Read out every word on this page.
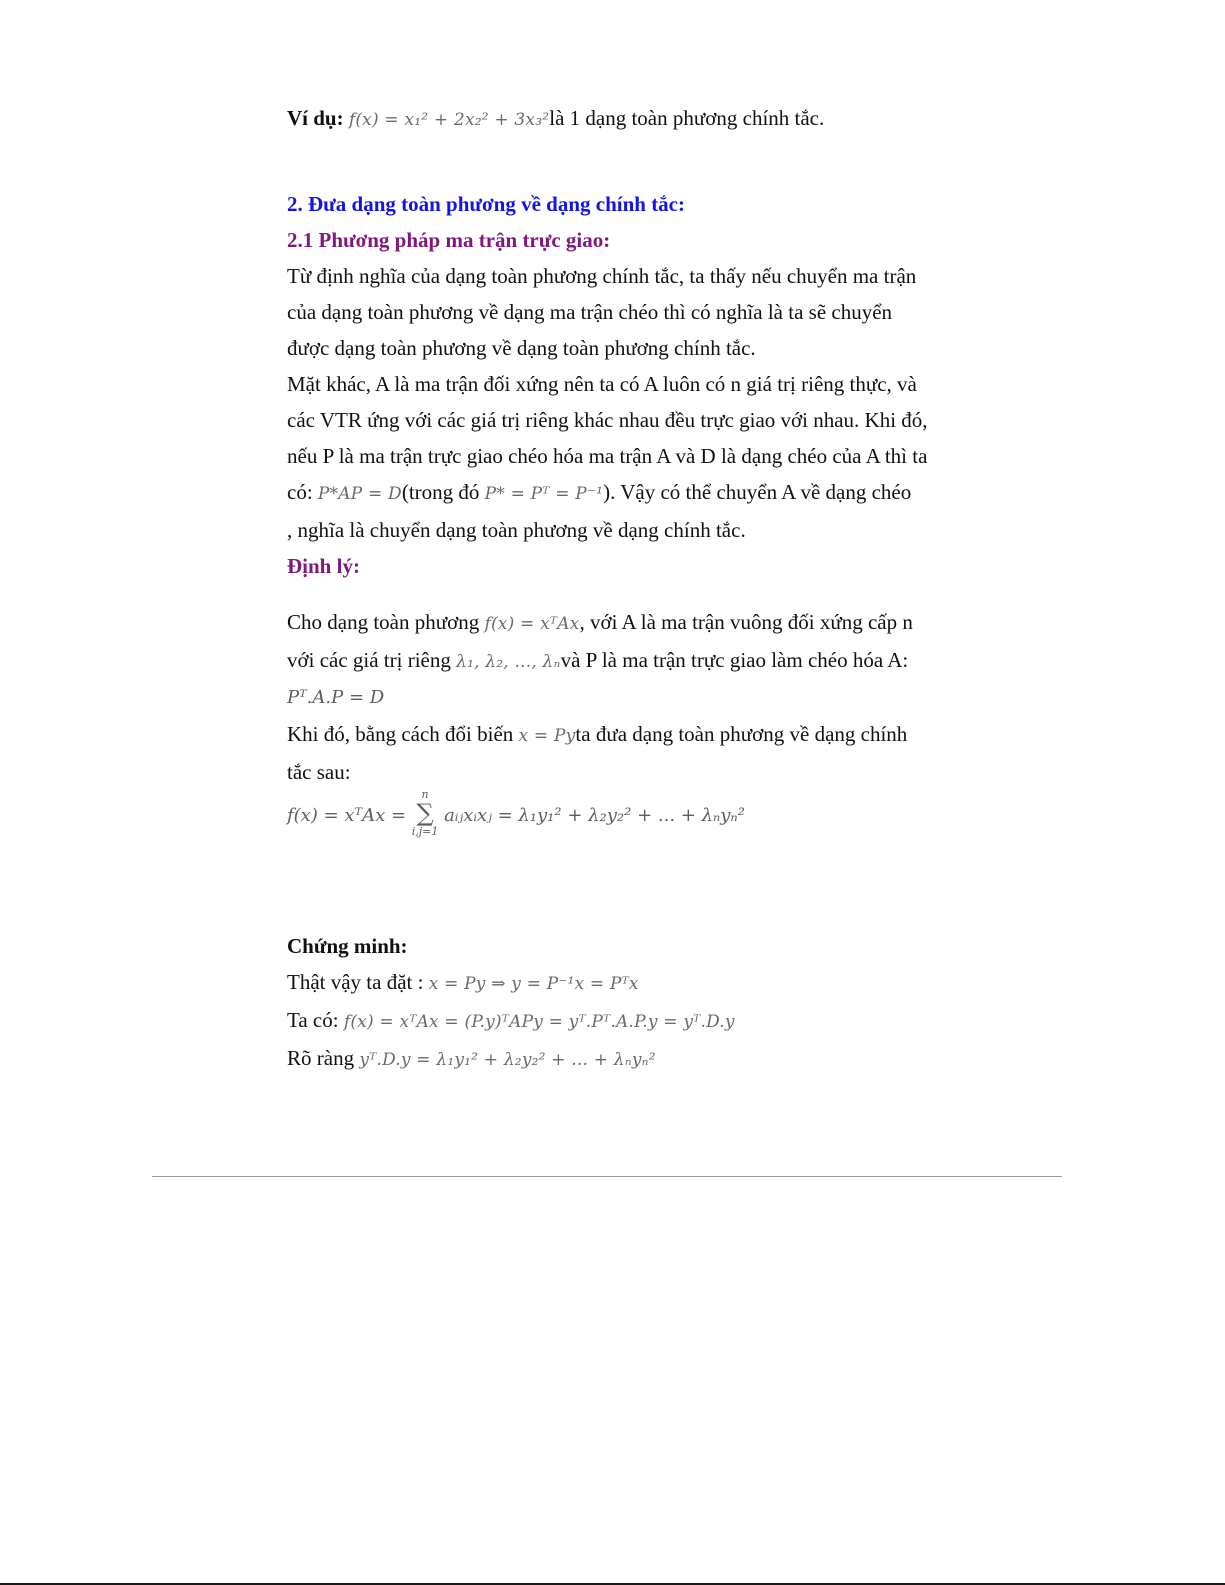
Ví dụ: f(x) = x₁² + 2x₂² + 3x₃²là 1 dạng toàn phương chính tắc.
2. Đưa dạng toàn phương về dạng chính tắc:
2.1 Phương pháp ma trận trực giao:
Từ định nghĩa của dạng toàn phương chính tắc, ta thấy nếu chuyển ma trận
của dạng toàn phương về dạng ma trận chéo thì có nghĩa là ta sẽ chuyển
được dạng toàn phương về dạng toàn phương chính tắc.
Mặt khác, A là ma trận đối xứng nên ta có A luôn có n giá trị riêng thực, và
các VTR ứng với các giá trị riêng khác nhau đều trực giao với nhau. Khi đó,
nếu P là ma trận trực giao chéo hóa ma trận A và D là dạng chéo của A thì ta
có: P*AP = D(trong đó P* = Pᵀ = P⁻¹). Vậy có thể chuyển A về dạng chéo
, nghĩa là chuyển dạng toàn phương về dạng chính tắc.
Định lý:
Cho dạng toàn phương f(x) = xᵀAx, với A là ma trận vuông đối xứng cấp n
với các giá trị riêng λ₁, λ₂, ..., λₙvà P là ma trận trực giao làm chéo hóa A:
Pᵀ.A.P = D
Khi đó, bằng cách đổi biến x = Pyta đưa dạng toàn phương về dạng chính
tắc sau:
f(x) = xᵀAx =
n
∑
i,j=1
aᵢⱼxᵢxⱼ = λ₁y₁² + λ₂y₂² + ... + λₙyₙ²
Chứng minh:
Thật vậy ta đặt : x = Py ⇒ y = P⁻¹x = Pᵀx
Ta có: f(x) = xᵀAx = (P.y)ᵀAPy = yᵀ.Pᵀ.A.P.y = yᵀ.D.y
Rõ ràng yᵀ.D.y = λ₁y₁² + λ₂y₂² + ... + λₙyₙ²
